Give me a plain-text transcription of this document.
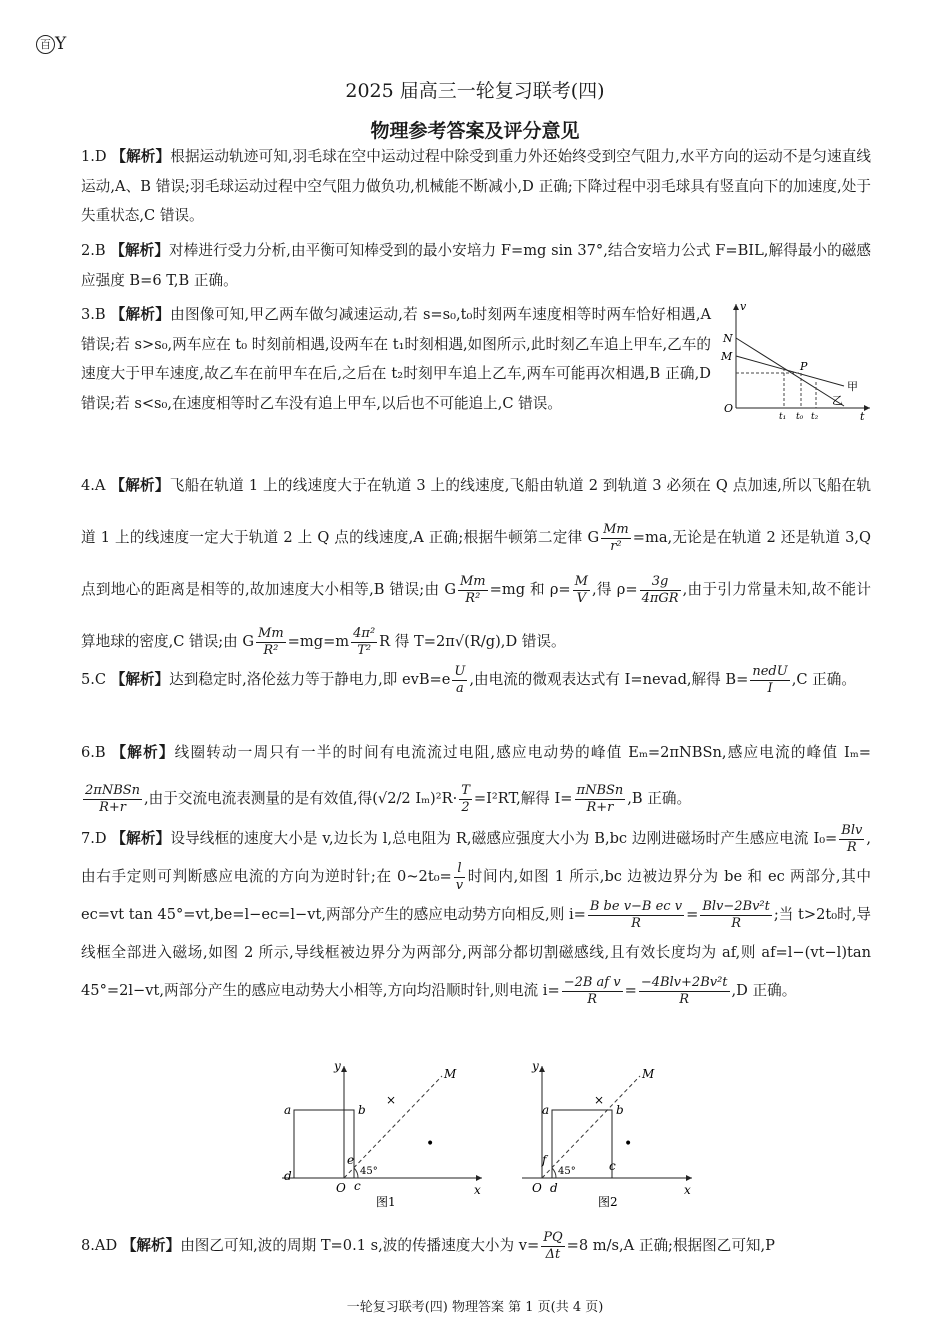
百 Y
2025 届高三一轮复习联考(四)
物理参考答案及评分意见
1.D 【解析】根据运动轨迹可知,羽毛球在空中运动过程中除受到重力外还始终受到空气阻力,水平方向的运动不是匀速直线运动,A、B 错误;羽毛球运动过程中空气阻力做负功,机械能不断减小,D 正确;下降过程中羽毛球具有竖直向下的加速度,处于失重状态,C 错误。
2.B 【解析】对棒进行受力分析,由平衡可知棒受到的最小安培力 F=mg sin 37°,结合安培力公式 F=BIL,解得最小的磁感应强度 B=6 T,B 正确。
3.B 【解析】由图像可知,甲乙两车做匀减速运动,若 s=s₀,t₀时刻两车速度相等时两车恰好相遇,A 错误;若 s>s₀,两车应在 t₀ 时刻前相遇,设两车在 t₁时刻相遇,如图所示,此时刻乙车追上甲车,乙车的速度大于甲车速度,故乙车在前甲车在后,之后在 t₂时刻甲车追上乙车,两车可能再次相遇,B 正确,D 错误;若 s<s₀,在速度相等时乙车没有追上甲车,以后也不可能追上,C 错误。
v
N
M
O
P
甲
乙
t₁ t₀ t₂	t
4.A 【解析】飞船在轨道 1 上的线速度大于在轨道 3 上的线速度,飞船由轨道 2 到轨道 3 必须在 Q 点加速,所以飞船在轨道 1 上的线速度一定大于轨道 2 上 Q 点的线速度,A 正确;根据牛顿第二定律 G $\frac{Mm}{\text{r²}} =ma$,无论是在轨道 2 还是轨道 3,Q 点到地心的距离是相等的,故加速度大小相等,B 错误;由 G $\frac{Mm}{\text{R²}} =mg$ 和 $\rho= \frac{M}{V}$ ,得 $\rho= \frac{3g}{\text{4πGR}}$ ,由于引力常量未知,故不能计算地球的密度,C 错误;由 G $\frac{Mm}{\text{R²}} =mg=m \frac{\text{4π²}}{\text{T²}}$ R 得 T=2π√(R/g),D 错误。
5.C 【解析】达到稳定时,洛伦兹力等于静电力,即 $evB=e \frac{U}{a}$ ,由电流的微观表达式有 I=nevad,解得 $B= \frac{\text{nedU}}{I} ,C$ 正确。
6.B 【解析】线圈转动一周只有一半的时间有电流流过电阻,感应电动势的峰值 Eₘ=2πNBSn,感应电流的峰值 Iₘ=
$\frac{\text{2πNBSn}}{R+r}$ ,由于交流电流表测量的是有效值,得(√2/2 $I_m)^2R\cdot \frac{T}{2} =I^2RT$,解得 $I= \frac{\text{πNBSn}}{R+r} ,B$ 正确。
7.D 【解析】设导线框的速度大小是 v,边长为 l,总电阻为 R,磁感应强度大小为 B,bc 边刚进磁场时产生感应电流 $I_0= \frac{\text{Blv}}{R}$ ,由右手定则可判断感应电流的方向为逆时针;在 0~2t₀= $\frac{l}{v}$ 时间内,如图 1 所示,bc 边被边界分为 be 和 ec 两部分,其中 ec=vt tan 45°=vt,be=l−ec=l−vt,两部分产生的感应电动势方向相反,则 $i= \frac{\text{B be v−B ec v}}{R} = \frac{\text{Blv−2Bv²t}}{R}$ ;当 t>2t₀时,导线框全部进入磁场,如图 2 所示,导线框被边界分为两部分,两部分都切割磁感线,且有效长度均为 af,则 af=l−(vt−l)tan 45°=2l−vt,两部分产生的感应电动势大小相等,方向均沿顺时针,则电流 $i= \frac{\text{−2B af v}}{R} = \frac{\text{−4Blv+2Bv²t}}{R} ,D$ 正确。
y
x
O
a	b
c
d
e
M
45°
×
•
图1
y
x
O
a	b
c
d
f
M
45°
×
•
图2
8.AD 【解析】由图乙可知,波的周期 T=0.1 s,波的传播速度大小为 $v= \frac{PQ}{\Delta t} =8$ m/s,A 正确;根据图乙可知,P
一轮复习联考(四) 物理答案 第 1 页(共 4 页)
